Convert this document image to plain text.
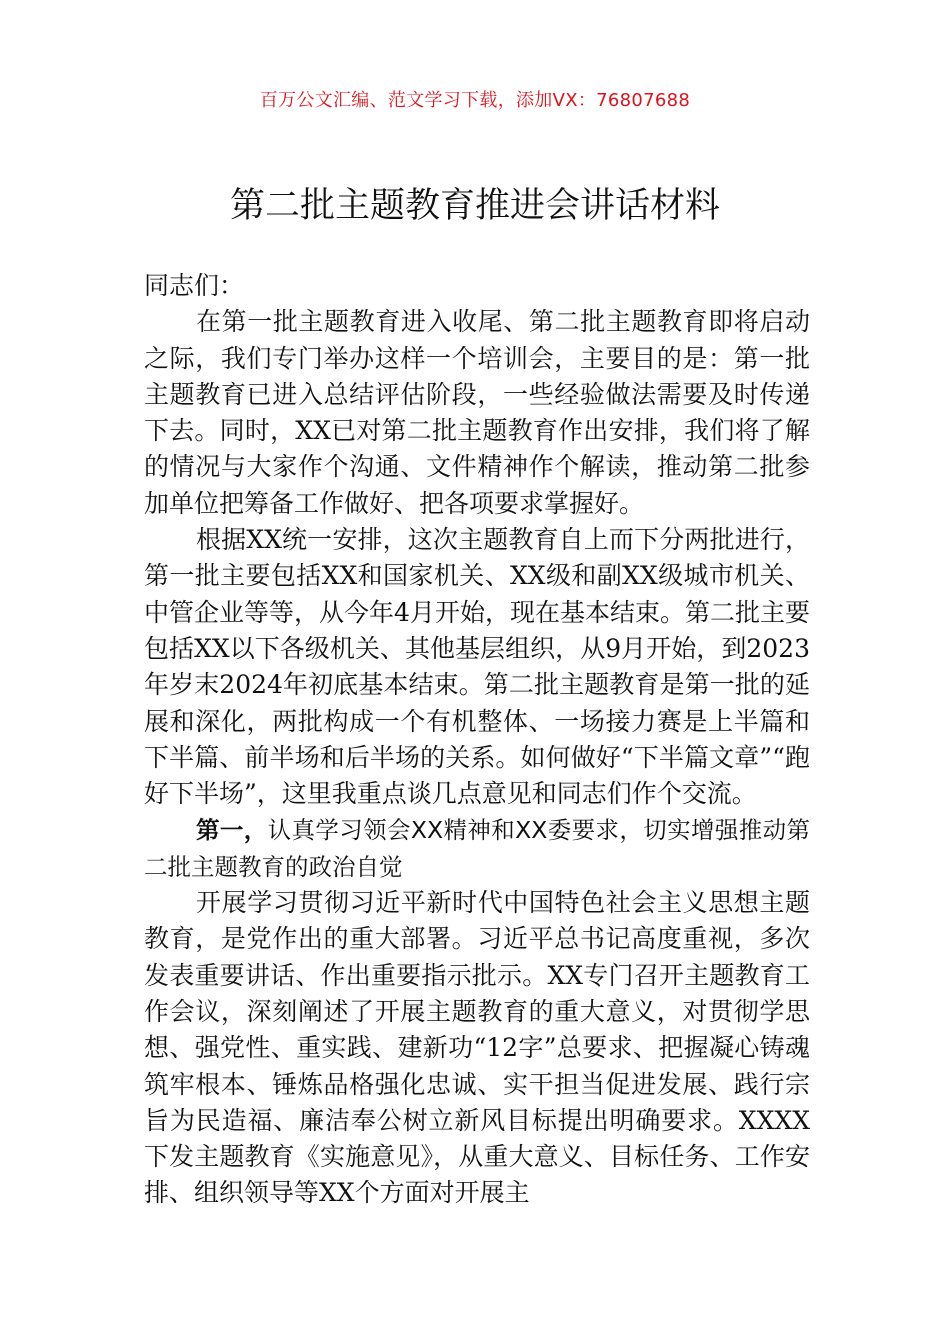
百万公文汇编、范文学习下载，添加VX：76807688
第二批主题教育推进会讲话材料

同志们：

在第一批主题教育进入收尾、第二批主题教育即将启动之际，我们专门举办这样一个培训会，主要目的是：第一批主题教育已进入总结评估阶段，一些经验做法需要及时传递下去。同时，XX已对第二批主题教育作出安排，我们将了解的情况与大家作个沟通、文件精神作个解读，推动第二批参加单位把筹备工作做好、把各项要求掌握好。

根据XX统一安排，这次主题教育自上而下分两批进行，第一批主要包括XX和国家机关、XX级和副XX级城市机关、中管企业等等，从今年4月开始，现在基本结束。第二批主要包括XX以下各级机关、其他基层组织，从9月开始，到2023年岁末2024年初底基本结束。第二批主题教育是第一批的延展和深化，两批构成一个有机整体、一场接力赛是上半篇和下半篇、前半场和后半场的关系。如何做好“下半篇文章”“跑好下半场”，这里我重点谈几点意见和同志们作个交流。

第一，认真学习领会XX精神和XX委要求，切实增强推动第二批主题教育的政治自觉

开展学习贯彻习近平新时代中国特色社会主义思想主题教育，是党作出的重大部署。习近平总书记高度重视，多次发表重要讲话、作出重要指示批示。XX专门召开主题教育工作会议，深刻阐述了开展主题教育的重大意义，对贯彻学思想、强党性、重实践、建新功“12字”总要求、把握凝心铸魂筑牢根本、锤炼品格强化忠诚、实干担当促进发展、践行宗旨为民造福、廉洁奉公树立新风目标提出明确要求。XXXX下发主题教育《实施意见》，从重大意义、目标任务、工作安排、组织领导等XX个方面对开展主
